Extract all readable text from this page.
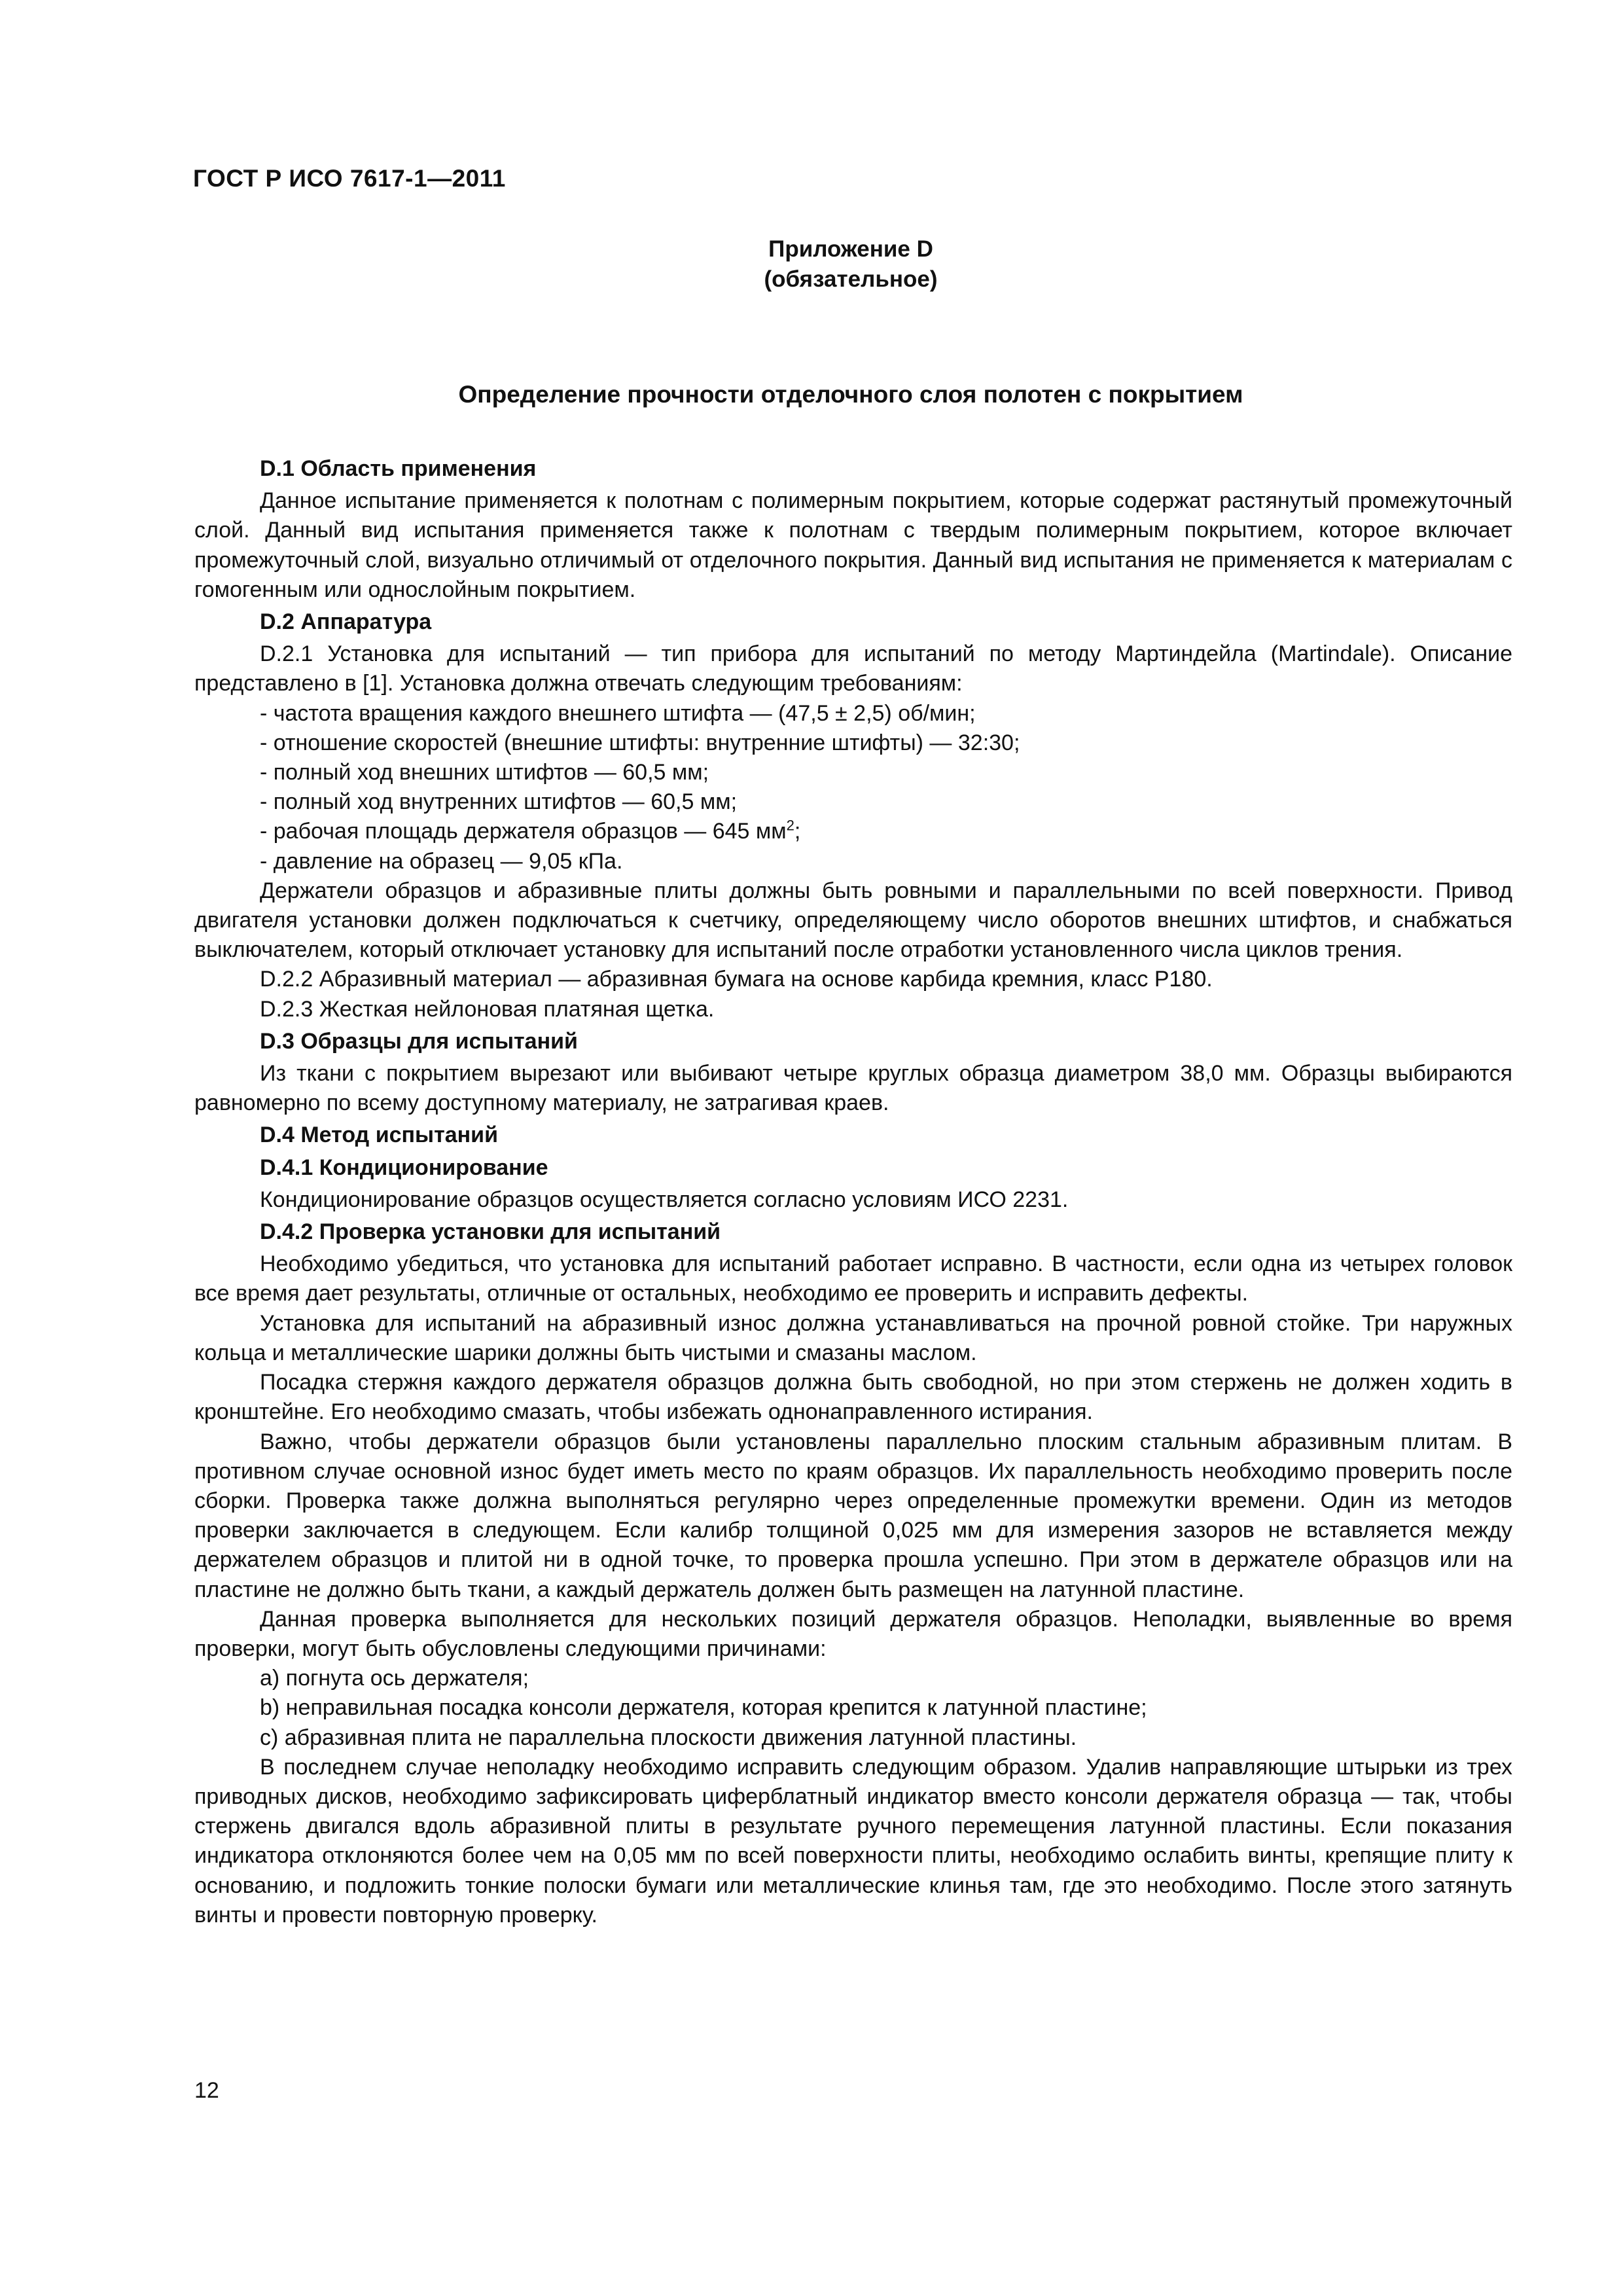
ГОСТ Р ИСО 7617-1—2011
Приложение D
(обязательное)
Определение прочности отделочного слоя полотен с покрытием

D.1 Область применения

Данное испытание применяется к полотнам с полимерным покрытием, которые содержат растянутый промежуточный слой. Данный вид испытания применяется также к полотнам с твердым полимерным покрытием, которое включает промежуточный слой, визуально отличимый от отделочного покрытия. Данный вид испытания не применяется к материалам с гомогенным или однослойным покрытием.

D.2 Аппаратура

D.2.1 Установка для испытаний — тип прибора для испытаний по методу Мартиндейла (Martindale). Описание представлено в [1]. Установка должна отвечать следующим требованиям:

- частота вращения каждого внешнего штифта — (47,5 ± 2,5) об/мин;

- отношение скоростей (внешние штифты: внутренние штифты) — 32:30;

- полный ход внешних штифтов — 60,5 мм;

- полный ход внутренних штифтов — 60,5 мм;

- рабочая площадь держателя образцов — 645 $мм^2$;

- давление на образец — 9,05 кПа.

Держатели образцов и абразивные плиты должны быть ровными и параллельными по всей поверхности. Привод двигателя установки должен подключаться к счетчику, определяющему число оборотов внешних штифтов, и снабжаться выключателем, который отключает установку для испытаний после отработки установленного числа циклов трения.

D.2.2 Абразивный материал — абразивная бумага на основе карбида кремния, класс Р180.

D.2.3 Жесткая нейлоновая платяная щетка.

D.3 Образцы для испытаний

Из ткани с покрытием вырезают или выбивают четыре круглых образца диаметром 38,0 мм. Образцы выбираются равномерно по всему доступному материалу, не затрагивая краев.

D.4 Метод испытаний

D.4.1 Кондиционирование

Кондиционирование образцов осуществляется согласно условиям ИСО 2231.

D.4.2 Проверка установки для испытаний

Необходимо убедиться, что установка для испытаний работает исправно. В частности, если одна из четырех головок все время дает результаты, отличные от остальных, необходимо ее проверить и исправить дефекты.

Установка для испытаний на абразивный износ должна устанавливаться на прочной ровной стойке. Три наружных кольца и металлические шарики должны быть чистыми и смазаны маслом.

Посадка стержня каждого держателя образцов должна быть свободной, но при этом стержень не должен ходить в кронштейне. Его необходимо смазать, чтобы избежать однонаправленного истирания.

Важно, чтобы держатели образцов были установлены параллельно плоским стальным абразивным плитам. В противном случае основной износ будет иметь место по краям образцов. Их параллельность необходимо проверить после сборки. Проверка также должна выполняться регулярно через определенные промежутки времени. Один из методов проверки заключается в следующем. Если калибр толщиной 0,025 мм для измерения зазоров не вставляется между держателем образцов и плитой ни в одной точке, то проверка прошла успешно. При этом в держателе образцов или на пластине не должно быть ткани, а каждый держатель должен быть размещен на латунной пластине.

Данная проверка выполняется для нескольких позиций держателя образцов. Неполадки, выявленные во время проверки, могут быть обусловлены следующими причинами:

а) погнута ось держателя;

b) неправильная посадка консоли держателя, которая крепится к латунной пластине;

c) абразивная плита не параллельна плоскости движения латунной пластины.

В последнем случае неполадку необходимо исправить следующим образом. Удалив направляющие штырьки из трех приводных дисков, необходимо зафиксировать циферблатный индикатор вместо консоли держателя образца — так, чтобы стержень двигался вдоль абразивной плиты в результате ручного перемещения латунной пластины. Если показания индикатора отклоняются более чем на 0,05 мм по всей поверхности плиты, необходимо ослабить винты, крепящие плиту к основанию, и подложить тонкие полоски бумаги или металлические клинья там, где это необходимо. После этого затянуть винты и провести повторную проверку.

12
